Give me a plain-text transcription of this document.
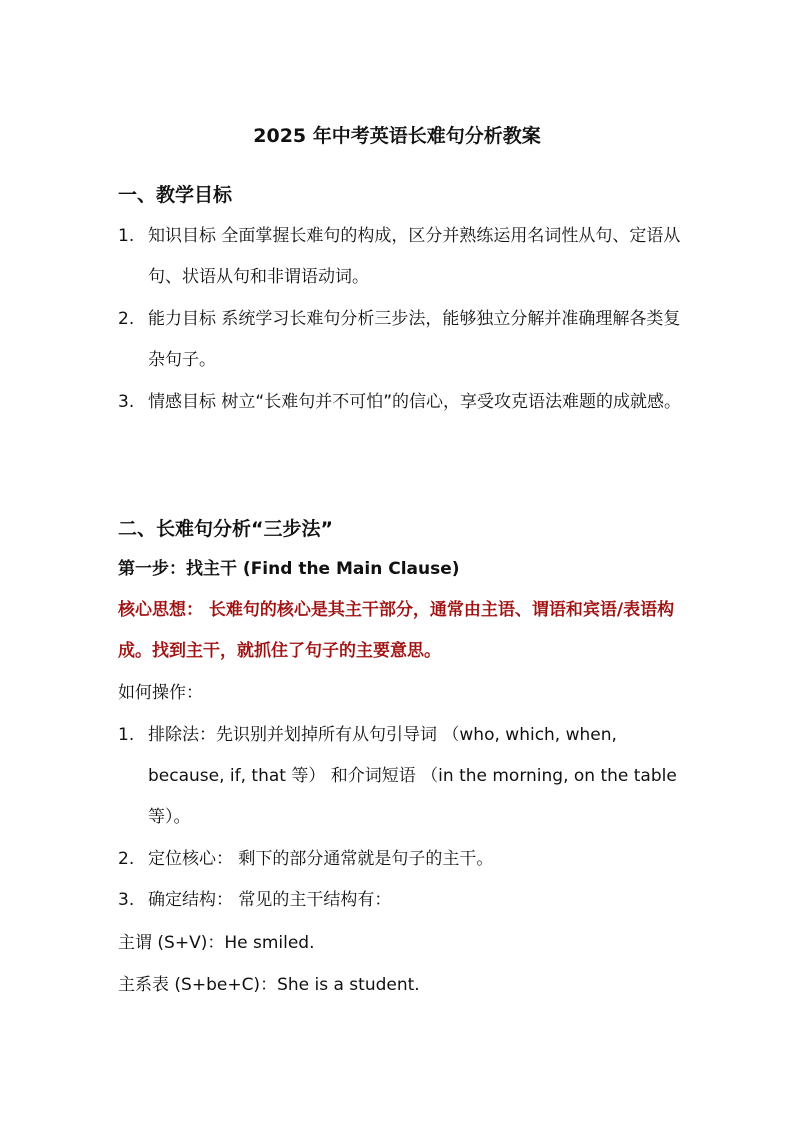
2025 年中考英语长难句分析教案
一、教学目标
1. 知识目标 全面掌握长难句的构成，区分并熟练运用名词性从句、定语从句、状语从句和非谓语动词。
2. 能力目标 系统学习长难句分析三步法，能够独立分解并准确理解各类复杂句子。
3. 情感目标 树立“长难句并不可怕”的信心，享受攻克语法难题的成就感。
二、长难句分析“三步法”
第一步：找主干 (Find the Main Clause)
核心思想： 长难句的核心是其主干部分，通常由主语、谓语和宾语/表语构成。找到主干，就抓住了句子的主要意思。
如何操作：
1. 排除法：先识别并划掉所有从句引导词 （who, which, when, because, if, that 等） 和介词短语 （in the morning, on the table 等）。
2. 定位核心： 剩下的部分通常就是句子的主干。
3. 确定结构： 常见的主干结构有：
主谓 (S+V)：He smiled.
主系表 (S+be+C)：She is a student.
